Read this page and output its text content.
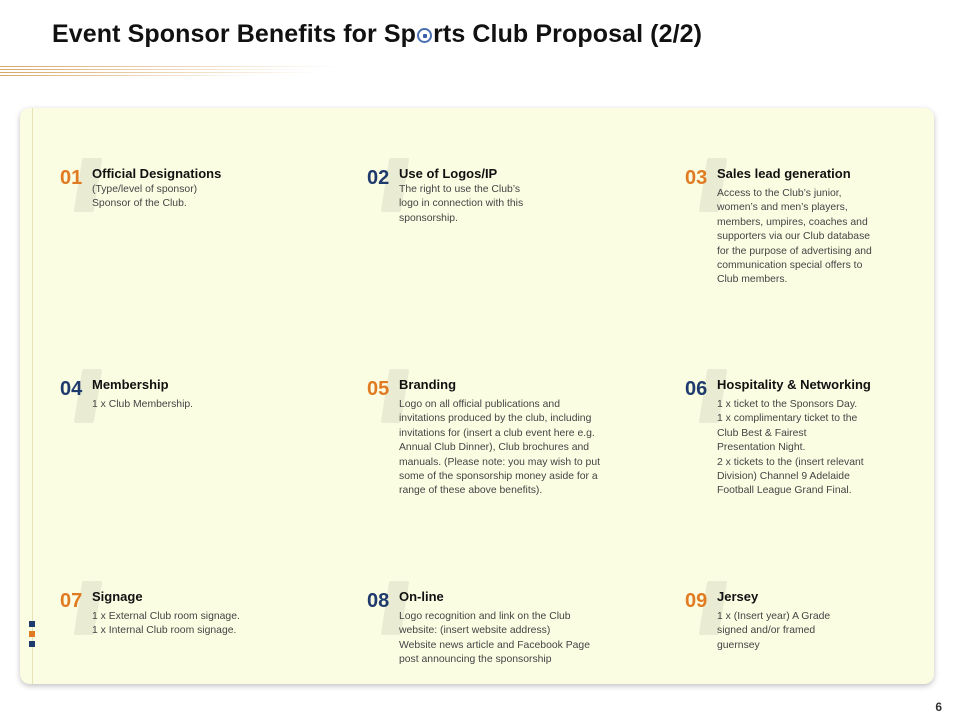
Event Sponsor Benefits for Sp rts Club Proposal (2/2)
01 Official Designations
(Type/level of sponsor)
Sponsor of the Club.
02 Use of Logos/IP
The right to use the Club’s
logo in connection with this
sponsorship.
03 Sales lead generation
Access to the Club’s junior,
women’s and men’s players,
members, umpires, coaches and
supporters via our Club database
for the purpose of advertising and
communication special offers to
Club members.
04 Membership
1 x Club Membership.
05 Branding
Logo on all official publications and
invitations produced by the club, including
invitations for (insert a club event here e.g.
Annual Club Dinner), Club brochures and
manuals. (Please note: you may wish to put
some of the sponsorship money aside for a
range of these above benefits).
06 Hospitality & Networking
1 x ticket to the Sponsors Day.
1 x complimentary ticket to the
Club Best & Fairest
Presentation Night.
2 x tickets to the (insert relevant
Division) Channel 9 Adelaide
Football League Grand Final.
07 Signage
1 x External Club room signage.
1 x Internal Club room signage.
08 On-line
Logo recognition and link on the Club
website: (insert website address)
Website news article and Facebook Page
post announcing the sponsorship
09 Jersey
1 x (Insert year) A Grade
signed and/or framed
guernsey
6
